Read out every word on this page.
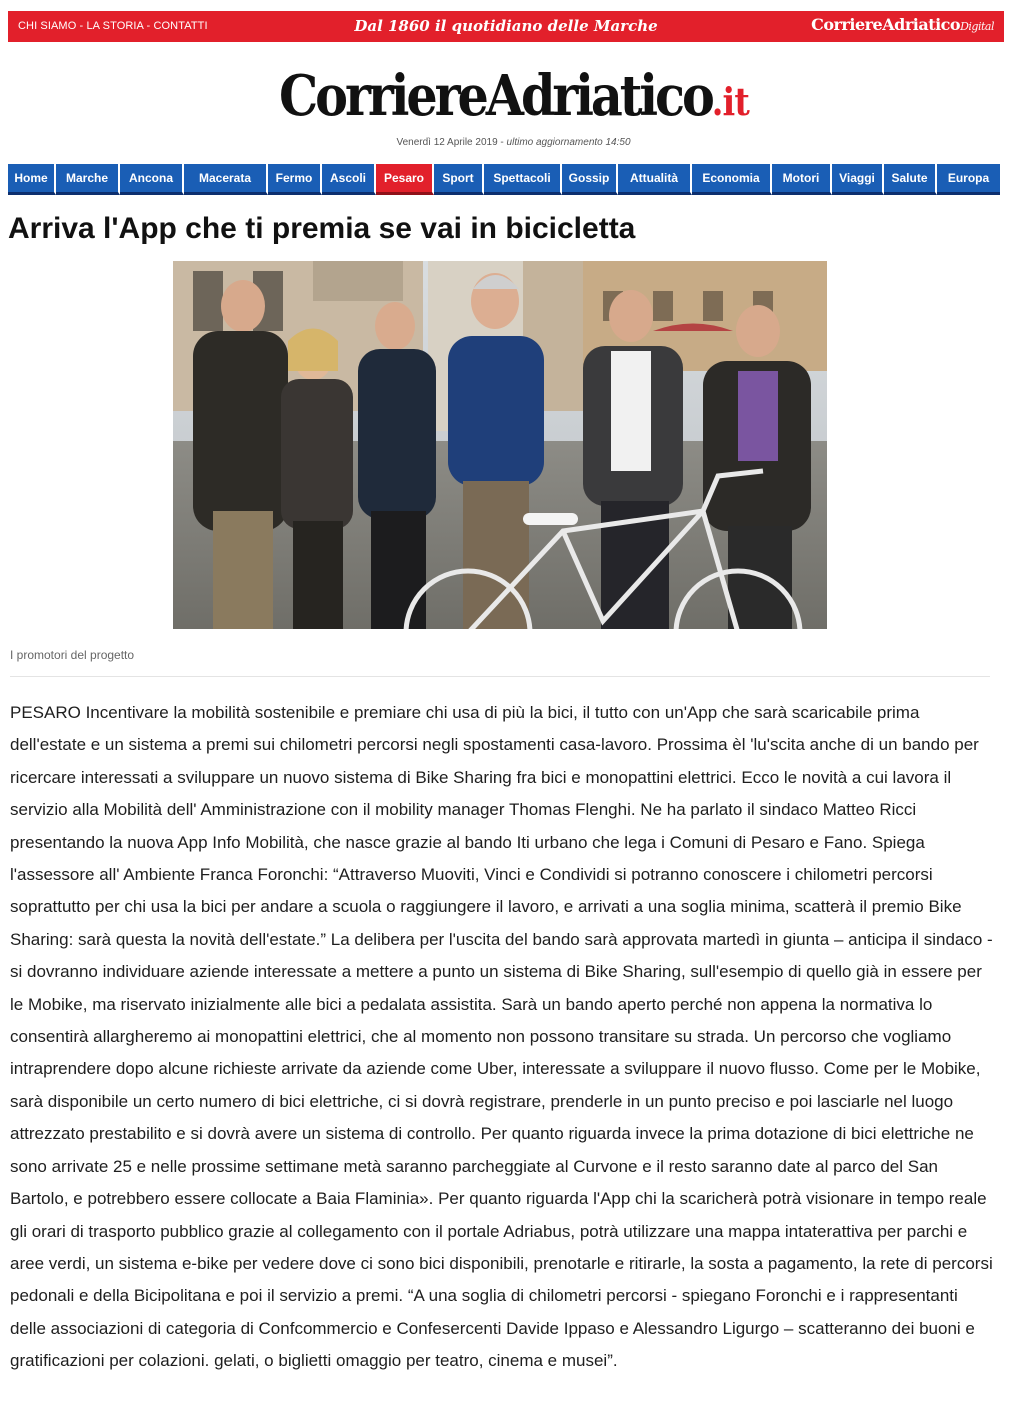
CHI SIAMO - LA STORIA - CONTATTI	Dal 1860 il quotidiano delle Marche	CorriereAdriaticoDigital
CorriereAdriatico.it
Venerdì 12 Aprile 2019 - ultimo aggiornamento 14:50
Home	Marche	Ancona	Macerata	Fermo	Ascoli	Pesaro	Sport	Spettacoli	Gossip	Attualità	Economia	Motori	Viaggi	Salute	Europa
Arriva l'App che ti premia se vai in bicicletta
I promotori del progetto

PESARO Incentivare la mobilità sostenibile e premiare chi usa di più la bici, il tutto con un'App che sarà scaricabile prima dell'estate e un sistema a premi sui chilometri percorsi negli spostamenti casa-lavoro. Prossima èl 'lu'scita anche di un bando per ricercare interessati a sviluppare un nuovo sistema di Bike Sharing fra bici e monopattini elettrici. Ecco le novità a cui lavora il servizio alla Mobilità dell' Amministrazione con il mobility manager Thomas Flenghi. Ne ha parlato il sindaco Matteo Ricci presentando la nuova App Info Mobilità, che nasce grazie al bando Iti urbano che lega i Comuni di Pesaro e Fano. Spiega l'assessore all' Ambiente Franca Foronchi: “Attraverso Muoviti, Vinci e Condividi si potranno conoscere i chilometri percorsi soprattutto per chi usa la bici per andare a scuola o raggiungere il lavoro, e arrivati a una soglia minima, scatterà il premio Bike Sharing: sarà questa la novità dell'estate.” La delibera per l'uscita del bando sarà approvata martedì in giunta – anticipa il sindaco - si dovranno individuare aziende interessate a mettere a punto un sistema di Bike Sharing, sull'esempio di quello già in essere per le Mobike, ma riservato inizialmente alle bici a pedalata assistita. Sarà un bando aperto perché non appena la normativa lo consentirà allargheremo ai monopattini elettrici, che al momento non possono transitare su strada. Un percorso che vogliamo intraprendere dopo alcune richieste arrivate da aziende come Uber, interessate a sviluppare il nuovo flusso. Come per le Mobike, sarà disponibile un certo numero di bici elettriche, ci si dovrà registrare, prenderle in un punto preciso e poi lasciarle nel luogo attrezzato prestabilito e si dovrà avere un sistema di controllo. Per quanto riguarda invece la prima dotazione di bici elettriche ne sono arrivate 25 e nelle prossime settimane metà saranno parcheggiate al Curvone e il resto saranno date al parco del San Bartolo, e potrebbero essere collocate a Baia Flaminia». Per quanto riguarda l'App chi la scaricherà potrà visionare in tempo reale gli orari di trasporto pubblico grazie al collegamento con il portale Adriabus, potrà utilizzare una mappa intaterattiva per parchi e aree verdi, un sistema e-bike per vedere dove ci sono bici disponibili, prenotarle e ritirarle, la sosta a pagamento, la rete di percorsi pedonali e della Bicipolitana e poi il servizio a premi. “A una soglia di chilometri percorsi - spiegano Foronchi e i rappresentanti delle associazioni di categoria di Confcommercio e Confesercenti Davide Ippaso e Alessandro Ligurgo – scatteranno dei buoni e gratificazioni per colazioni. gelati, o biglietti omaggio per teatro, cinema e musei”.
